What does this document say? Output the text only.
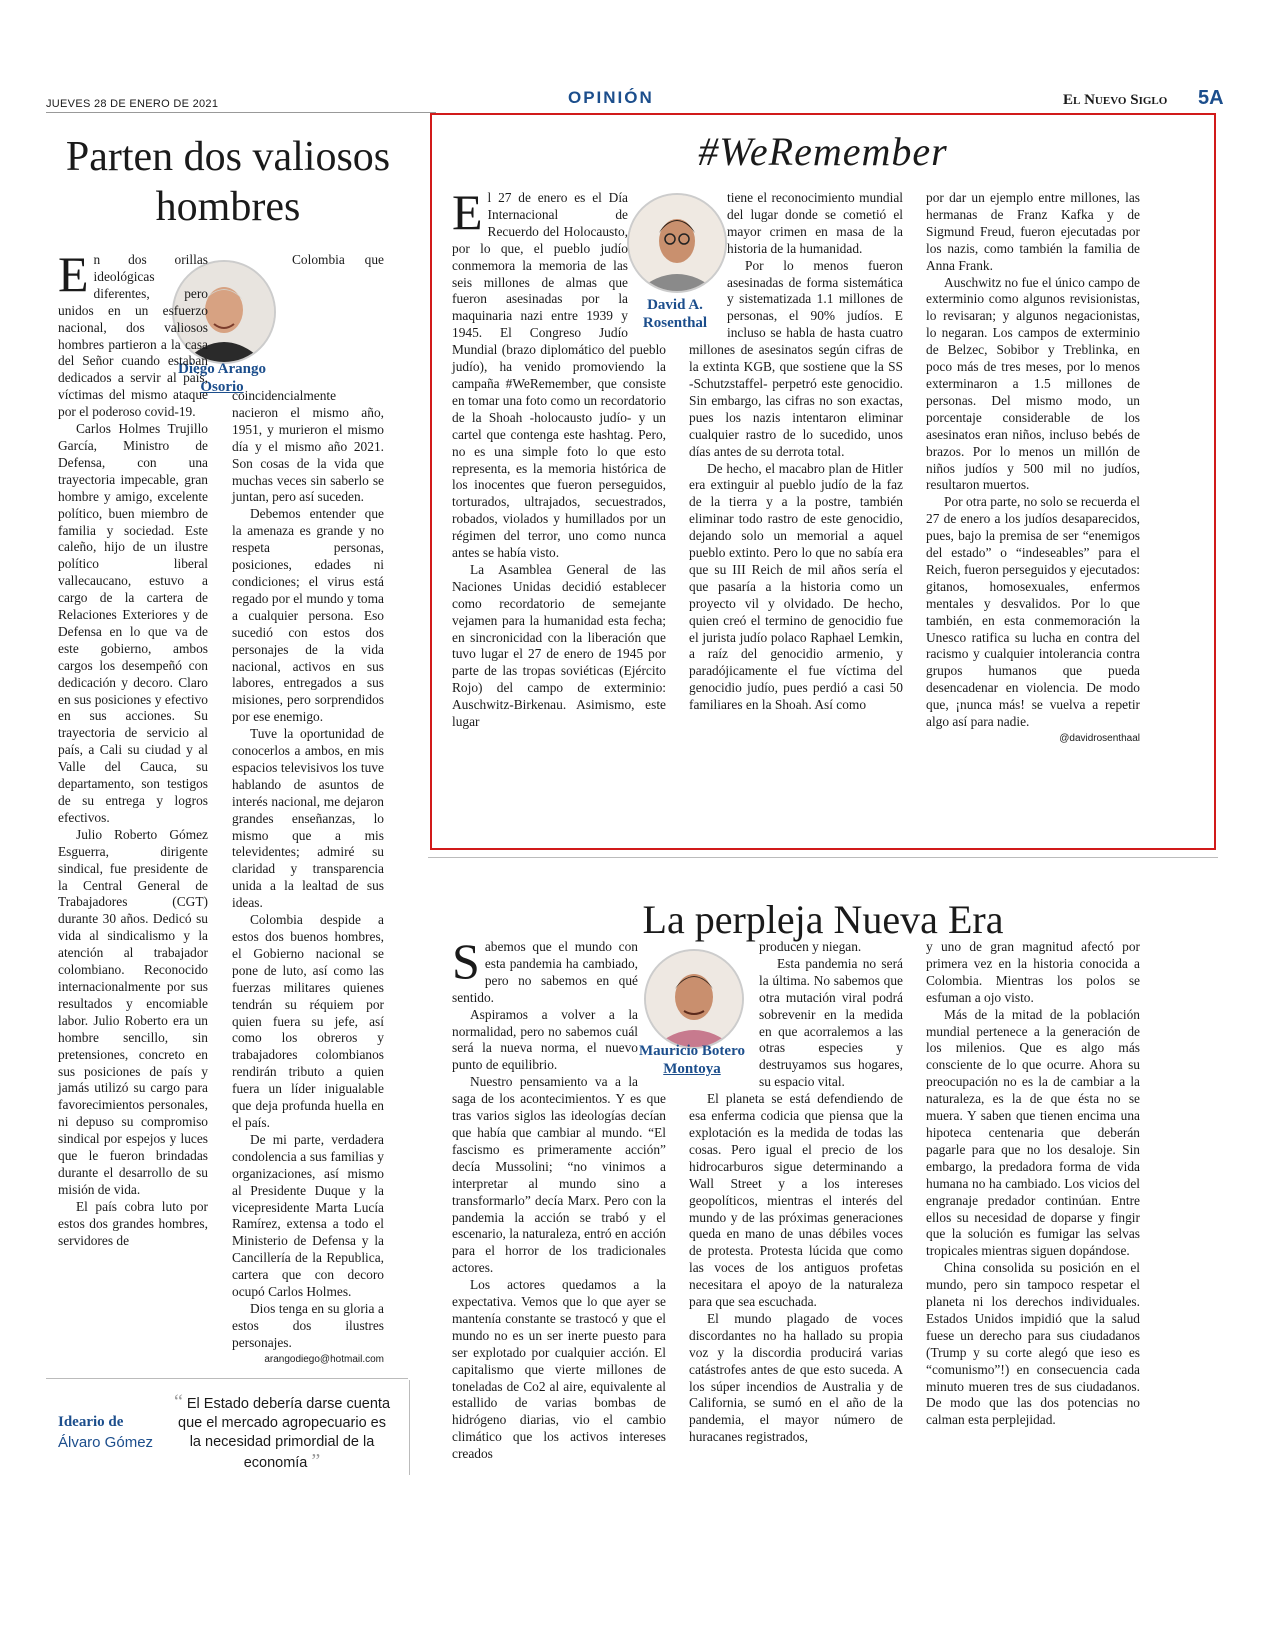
JUEVES 28 DE ENERO DE 2021	OPINIÓN	El Nuevo Siglo 5A
Parten dos valiosos hombres
Diego Arango
Osorio

En dos orillas ideológicas diferentes, pero unidos en un esfuerzo nacional, dos valiosos hombres partieron a la casa del Señor cuando estaban dedicados a servir al país, víctimas del mismo ataque por el poderoso covid-19.

Carlos Holmes Trujillo García, Ministro de Defensa, con una trayectoria impecable, gran hombre y amigo, excelente político, buen miembro de familia y sociedad. Este caleño, hijo de un ilustre político liberal vallecaucano, estuvo a cargo de la cartera de Relaciones Exteriores y de Defensa en lo que va de este gobierno, ambos cargos los desempeñó con dedicación y decoro. Claro en sus posiciones y efectivo en sus acciones. Su trayectoria de servicio al país, a Cali su ciudad y al Valle del Cauca, su departamento, son testigos de su entrega y logros efectivos.

Julio Roberto Gómez Esguerra, dirigente sindical, fue presidente de la Central General de Trabajadores (CGT) durante 30 años. Dedicó su vida al sindicalismo y la atención al trabajador colombiano. Reconocido internacionalmente por sus resultados y encomiable labor. Julio Roberto era un hombre sencillo, sin pretensiones, concreto en sus posiciones de país y jamás utilizó su cargo para favorecimientos personales, ni depuso su compromiso sindical por espejos y luces que le fueron brindadas durante el desarrollo de su misión de vida.

El país cobra luto por estos dos grandes hombres, servidores de

Colombia que coincidencialmente nacieron el mismo año, 1951, y murieron el mismo día y el mismo año 2021. Son cosas de la vida que muchas veces sin saberlo se juntan, pero así suceden.

Debemos entender que la amenaza es grande y no respeta personas, posiciones, edades ni condiciones; el virus está regado por el mundo y toma a cualquier persona. Eso sucedió con estos dos personajes de la vida nacional, activos en sus labores, entregados a sus misiones, pero sorprendidos por ese enemigo.

Tuve la oportunidad de conocerlos a ambos, en mis espacios televisivos los tuve hablando de asuntos de interés nacional, me dejaron grandes enseñanzas, lo mismo que a mis televidentes; admiré su claridad y transparencia unida a la lealtad de sus ideas.

Colombia despide a estos dos buenos hombres, el Gobierno nacional se pone de luto, así como las fuerzas militares quienes tendrán su réquiem por quien fuera su jefe, así como los obreros y trabajadores colombianos rendirán tributo a quien fuera un líder inigualable que deja profunda huella en el país.

De mi parte, verdadera condolencia a sus familias y organizaciones, así mismo al Presidente Duque y la vicepresidente Marta Lucía Ramírez, extensa a todo el Ministerio de Defensa y la Cancillería de la Republica, cartera que con decoro ocupó Carlos Holmes.

Dios tenga en su gloria a estos dos ilustres personajes.

arangodiego@hotmail.com
Ideario de
Álvaro Gómez
“ El Estado debería darse cuenta que el mercado agropecuario es la necesidad primordial de la economía ”
#WeRemember
David A.
Rosenthal

El 27 de enero es el Día Internacional de Recuerdo del Holocausto, por lo que, el pueblo judío conmemora la memoria de las seis millones de almas que fueron asesinadas por la maquinaria nazi entre 1939 y 1945. El Congreso Judío Mundial (brazo diplomático del pueblo judío), ha venido promoviendo la campaña #WeRemember, que consiste en tomar una foto como un recordatorio de la Shoah -holocausto judío- y un cartel que contenga este hashtag. Pero, no es una simple foto lo que esto representa, es la memoria histórica de los inocentes que fueron perseguidos, torturados, ultrajados, secuestrados, robados, violados y humillados por un régimen del terror, uno como nunca antes se había visto.

La Asamblea General de las Naciones Unidas decidió establecer como recordatorio de semejante vejamen para la humanidad esta fecha; en sincronicidad con la liberación que tuvo lugar el 27 de enero de 1945 por parte de las tropas soviéticas (Ejército Rojo) del campo de exterminio: Auschwitz-Birkenau. Asimismo, este lugar

tiene el reconocimiento mundial del lugar donde se cometió el mayor crimen en masa de la historia de la humanidad.

Por lo menos fueron asesinadas de forma sistemática y sistematizada 1.1 millones de personas, el 90% judíos. E incluso se habla de hasta cuatro millones de asesinatos según cifras de la extinta KGB, que sostiene que la SS -Schutzstaffel- perpetró este genocidio. Sin embargo, las cifras no son exactas, pues los nazis intentaron eliminar cualquier rastro de lo sucedido, unos días antes de su derrota total.

De hecho, el macabro plan de Hitler era extinguir al pueblo judío de la faz de la tierra y a la postre, también eliminar todo rastro de este genocidio, dejando solo un memorial a aquel pueblo extinto. Pero lo que no sabía era que su III Reich de mil años sería el que pasaría a la historia como un proyecto vil y olvidado. De hecho, quien creó el termino de genocidio fue el jurista judío polaco Raphael Lemkin, a raíz del genocidio armenio, y paradójicamente el fue víctima del genocidio judío, pues perdió a casi 50 familiares en la Shoah. Así como

por dar un ejemplo entre millones, las hermanas de Franz Kafka y de Sigmund Freud, fueron ejecutadas por los nazis, como también la familia de Anna Frank.

Auschwitz no fue el único campo de exterminio como algunos revisionistas, lo revisaran; y algunos negacionistas, lo negaran. Los campos de exterminio de Belzec, Sobibor y Treblinka, en poco más de tres meses, por lo menos exterminaron a 1.5 millones de personas. Del mismo modo, un porcentaje considerable de los asesinatos eran niños, incluso bebés de brazos. Por lo menos un millón de niños judíos y 500 mil no judíos, resultaron muertos.

Por otra parte, no solo se recuerda el 27 de enero a los judíos desaparecidos, pues, bajo la premisa de ser “enemigos del estado” o “indeseables” para el Reich, fueron perseguidos y ejecutados: gitanos, homosexuales, enfermos mentales y desvalidos. Por lo que también, en esta conmemoración la Unesco ratifica su lucha en contra del racismo y cualquier intolerancia contra grupos humanos que pueda desencadenar en violencia. De modo que, ¡nunca más! se vuelva a repetir algo así para nadie.

@davidrosenthaal
La perpleja Nueva Era
Mauricio Botero
Montoya

Sabemos que el mundo con esta pandemia ha cambiado, pero no sabemos en qué sentido.

Aspiramos a volver a la normalidad, pero no sabemos cuál será la nueva norma, el nuevo punto de equilibrio.

Nuestro pensamiento va a la saga de los acontecimientos. Y es que tras varios siglos las ideologías decían que había que cambiar al mundo. “El fascismo es primeramente acción” decía Mussolini; “no vinimos a interpretar al mundo sino a transformarlo” decía Marx. Pero con la pandemia la acción se trabó y el escenario, la naturaleza, entró en acción para el horror de los tradicionales actores.

Los actores quedamos a la expectativa. Vemos que lo que ayer se mantenía constante se trastocó y que el mundo no es un ser inerte puesto para ser explotado por cualquier acción. El capitalismo que vierte millones de toneladas de Co2 al aire, equivalente al estallido de varias bombas de hidrógeno diarias, vio el cambio climático que los activos intereses creados

producen y niegan.

Esta pandemia no será la última. No sabemos que otra mutación viral podrá sobrevenir en la medida en que acorralemos a las otras especies y destruyamos sus hogares, su espacio vital.

El planeta se está defendiendo de esa enferma codicia que piensa que la explotación es la medida de todas las cosas. Pero igual el precio de los hidrocarburos sigue determinando a Wall Street y a los intereses geopolíticos, mientras el interés del mundo y de las próximas generaciones queda en mano de unas débiles voces de protesta. Protesta lúcida que como las voces de los antiguos profetas necesitara el apoyo de la naturaleza para que sea escuchada.

El mundo plagado de voces discordantes no ha hallado su propia voz y la discordia producirá varias catástrofes antes de que esto suceda. A los súper incendios de Australia y de California, se sumó en el año de la pandemia, el mayor número de huracanes registrados,

y uno de gran magnitud afectó por primera vez en la historia conocida a Colombia. Mientras los polos se esfuman a ojo visto.

Más de la mitad de la población mundial pertenece a la generación de los milenios. Que es algo más consciente de lo que ocurre. Ahora su preocupación no es la de cambiar a la naturaleza, es la de que ésta no se muera. Y saben que tienen encima una hipoteca centenaria que deberán pagarle para que no los desaloje. Sin embargo, la predadora forma de vida humana no ha cambiado. Los vicios del engranaje predador continúan. Entre ellos su necesidad de doparse y fingir que la solución es fumigar las selvas tropicales mientras siguen dopándose.

China consolida su posición en el mundo, pero sin tampoco respetar el planeta ni los derechos individuales. Estados Unidos impidió que la salud fuese un derecho para sus ciudadanos (Trump y su corte alegó que ieso es “comunismo”!) en consecuencia cada minuto mueren tres de sus ciudadanos. De modo que las dos potencias no calman esta perplejidad.
